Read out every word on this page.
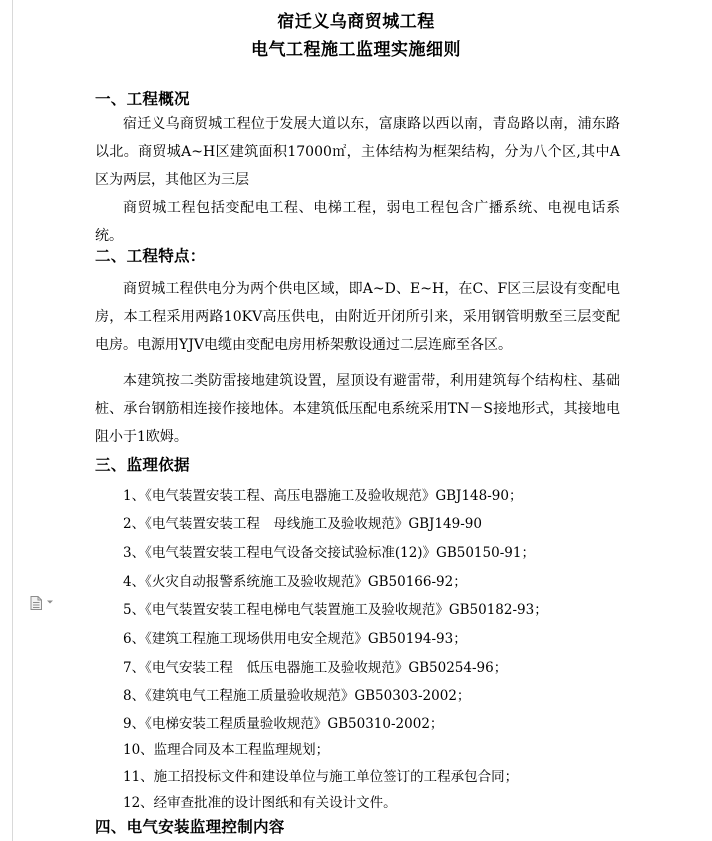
宿迁义乌商贸城工程
电气工程施工监理实施细则
一、工程概况

宿迁义乌商贸城工程位于发展大道以东，富康路以西以南，青岛路以南，浦东路以北。商贸城A~H区建筑面积17000㎡，主体结构为框架结构，分为八个区,其中A区为两层，其他区为三层

商贸城工程包括变配电工程、电梯工程，弱电工程包含广播系统、电视电话系统。

二、工程特点：

商贸城工程供电分为两个供电区域，即A~D、E~H，在C、F区三层设有变配电房，本工程采用两路10KV高压供电，由附近开闭所引来，采用钢管明敷至三层变配电房。电源用YJV电缆由变配电房用桥架敷设通过二层连廊至各区。

本建筑按二类防雷接地建筑设置，屋顶设有避雷带，利用建筑每个结构柱、基础桩、承台钢筋相连接作接地体。本建筑低压配电系统采用TN－S接地形式，其接地电阻小于1欧姆。

三、监理依据
1、《电气装置安装工程、高压电器施工及验收规范》GBJ148-90；
2、《电气装置安装工程　母线施工及验收规范》GBJ149-90
3、《电气装置安装工程电气设备交接试验标准(12)》GB50150-91；
4、《火灾自动报警系统施工及验收规范》GB50166-92；
5、《电气装置安装工程电梯电气装置施工及验收规范》GB50182-93；
6、《建筑工程施工现场供用电安全规范》GB50194-93；
7、《电气安装工程　低压电器施工及验收规范》GB50254-96；
8、《建筑电气工程施工质量验收规范》GB50303-2002；
9、《电梯安装工程质量验收规范》GB50310-2002；
10、监理合同及本工程监理规划；
11、施工招投标文件和建设单位与施工单位签订的工程承包合同；
12、经审查批准的设计图纸和有关设计文件。
四、电气安装监理控制内容
